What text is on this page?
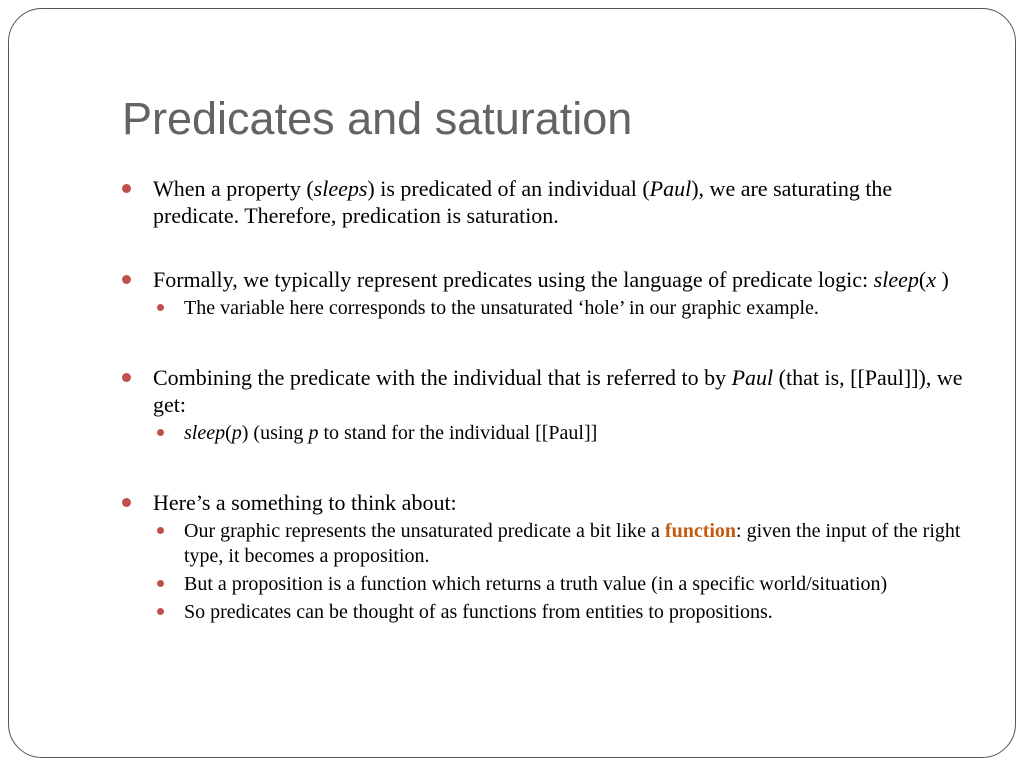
Predicates and saturation
When a property (sleeps) is predicated of an individual (Paul), we are saturating the predicate. Therefore, predication is saturation.
Formally, we typically represent predicates using the language of predicate logic: sleep(x )
The variable here corresponds to the unsaturated ‘hole’ in our graphic example.
Combining the predicate with the individual that is referred to by Paul (that is, [[Paul]]), we get:
sleep(p) (using p to stand for the individual [[Paul]]
Here’s a something to think about:
Our graphic represents the unsaturated predicate a bit like a function: given the input of the right type, it becomes a proposition.
But a proposition is a function which returns a truth value (in a specific world/situation)
So predicates can be thought of as functions from entities to propositions.
